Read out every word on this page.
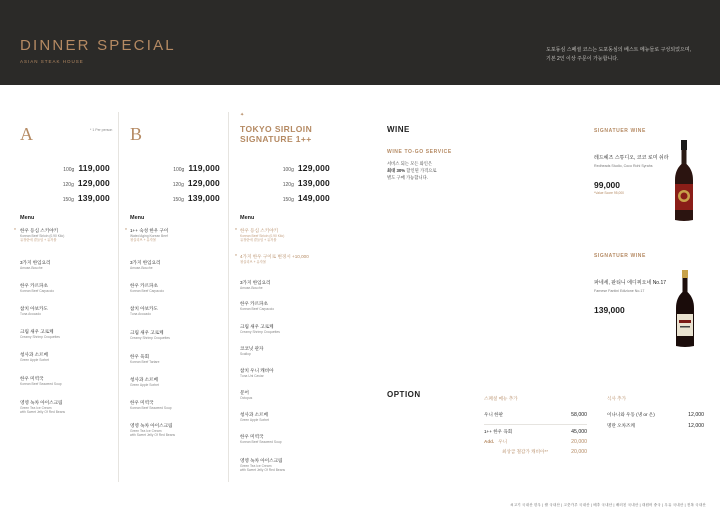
DINNER SPECIAL
ASIAN STEAK HOUSE
도포동심 스페셜 코스는 도포동심의 베스트 메뉴들로 구성되었으며,
기본 2인 이상 주문이 가능합니다.
A	* 1 Per person
100g 119,000
120g 129,000
150g 139,000
Menu
* 한우 등심 스키야키
Korean Beef Sirloin (0.90 Kilo)
유정란에 곁들임 + 유자볼
3가지 한입요리
Amuse-Bouche
한우 카르파초
Korean Beef Carpaccio
참치 아보카도
Tuna Avocado
크림 새우 고로케
Creamy Shrimp Croquettes
청사과 소르베
Green Apple Sorbet
한우 미역국
Korean Beef Seaweed Soup
영영 녹차 아이스크림
Green Tea Ice Cream
with Sweet Jelly Of Red Beans
B
100g 119,000
120g 129,000
150g 139,000
Menu
* 1++ 숙성 한우 구이
Wated Aging Korean Beef
청실리브 + 유자볼
3가지 한입요리
Amuse-Bouche
한우 카르파초
Korean Beef Carpaccio
참치 아보카도
Tuna Avocado
크림 새우 고로케
Creamy Shrimp Croquettes
한우 육회
Korean Beef Tartare
청사과 소르베
Green Apple Sorbet
한우 미역국
Korean Beef Seaweed Soup
영영 녹차 아이스크림
Green Tea Ice Cream
with Sweet Jelly Of Red Beans
✦
TOKYO SIRLOIN
SIGNATURE 1++
100g 129,000
120g 139,000
150g 149,000
Menu
* 한우 등심 스키야키
Korean Beef Sirloin (0.90 Kilo)
유정란에 곁들임 + 유자볼
* 4가지 한우 구이로 변경시 +10,000
청실리브 + 유자볼
3가지 한입요리
Amuse-Bouche
한우 카르파초
Korean Beef Carpaccio
크림 새우 고로케
Creamy Shrimp Croquettes
코코넛 관자
Scallop
참치 우니 캐비아
Tuna Uni Caviar
문어
Octopus
청사과 소르베
Green Apple Sorbet
한우 미역국
Korean Beef Seaweed Soup
영영 녹차 아이스크림
Green Tea Ice Cream
with Sweet Jelly Of Red Beans
WINE
WINE TO-GO SERVICE
서비스 되는 모든 와인은
최대 30% 할인된 가격으로
별도 구매 가능합니다.
SIGNATUER WINE
레드헤즈 스튜디오, 코코 로미 쉬라
Redheads Studio, Coco Rohi Syrahs
99,000
*Value Score 95,000
SIGNATUER WINE
파네세, 판티니 에디찌오네 No.17
Farnese Fantini Edizione No.17
139,000
OPTION	스페셜 메뉴 추가
우니 한판	58,000
1++ 한우 육회	45,000
Add. 우니	20,000
최상급 철갑가 캐비아**	20,000
식사 추가
이나니와 우동 (냉 or 온)	12,000
명란 오차즈케	12,000
쇠고기 국내산 한우 | 쌀 국내산 | 고춧가루 국내산 | 배추 국내산 | 배러친 국내산 | 대원어 중국 | 우유 국내산 | 전복 국내산
